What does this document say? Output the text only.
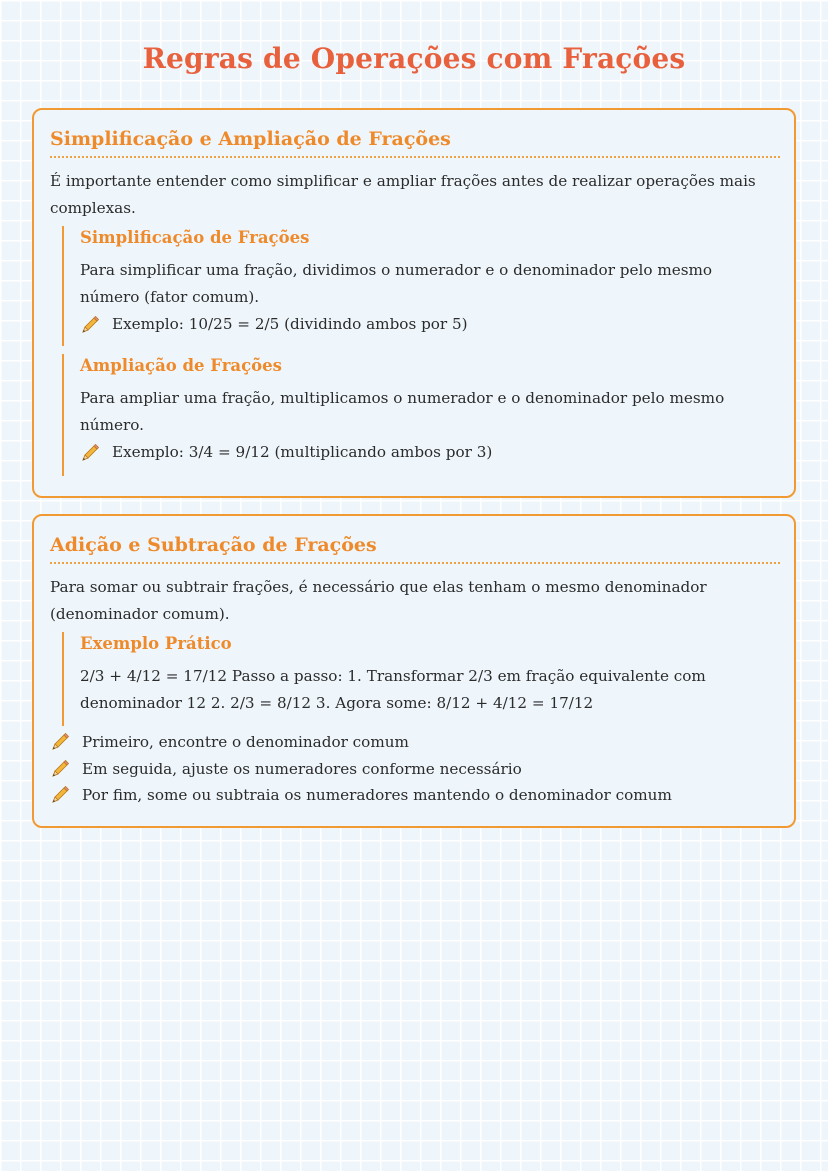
Regras de Operações com Frações
Simplificação e Ampliação de Frações

É importante entender como simplificar e ampliar frações antes de realizar operações mais complexas.

Simplificação de Frações

Para simplificar uma fração, dividimos o numerador e o denominador pelo mesmo número (fator comum).

Exemplo: 10/25 = 2/5 (dividindo ambos por 5)
Ampliação de Frações

Para ampliar uma fração, multiplicamos o numerador e o denominador pelo mesmo número.

Exemplo: 3/4 = 9/12 (multiplicando ambos por 3)
Adição e Subtração de Frações

Para somar ou subtrair frações, é necessário que elas tenham o mesmo denominador (denominador comum).

Exemplo Prático

2/3 + 4/12 = 17/12 Passo a passo: 1. Transformar 2/3 em fração equivalente com denominador 12 2. 2/3 = 8/12 3. Agora some: 8/12 + 4/12 = 17/12

Primeiro, encontre o denominador comum
Em seguida, ajuste os numeradores conforme necessário
Por fim, some ou subtraia os numeradores mantendo o denominador comum
